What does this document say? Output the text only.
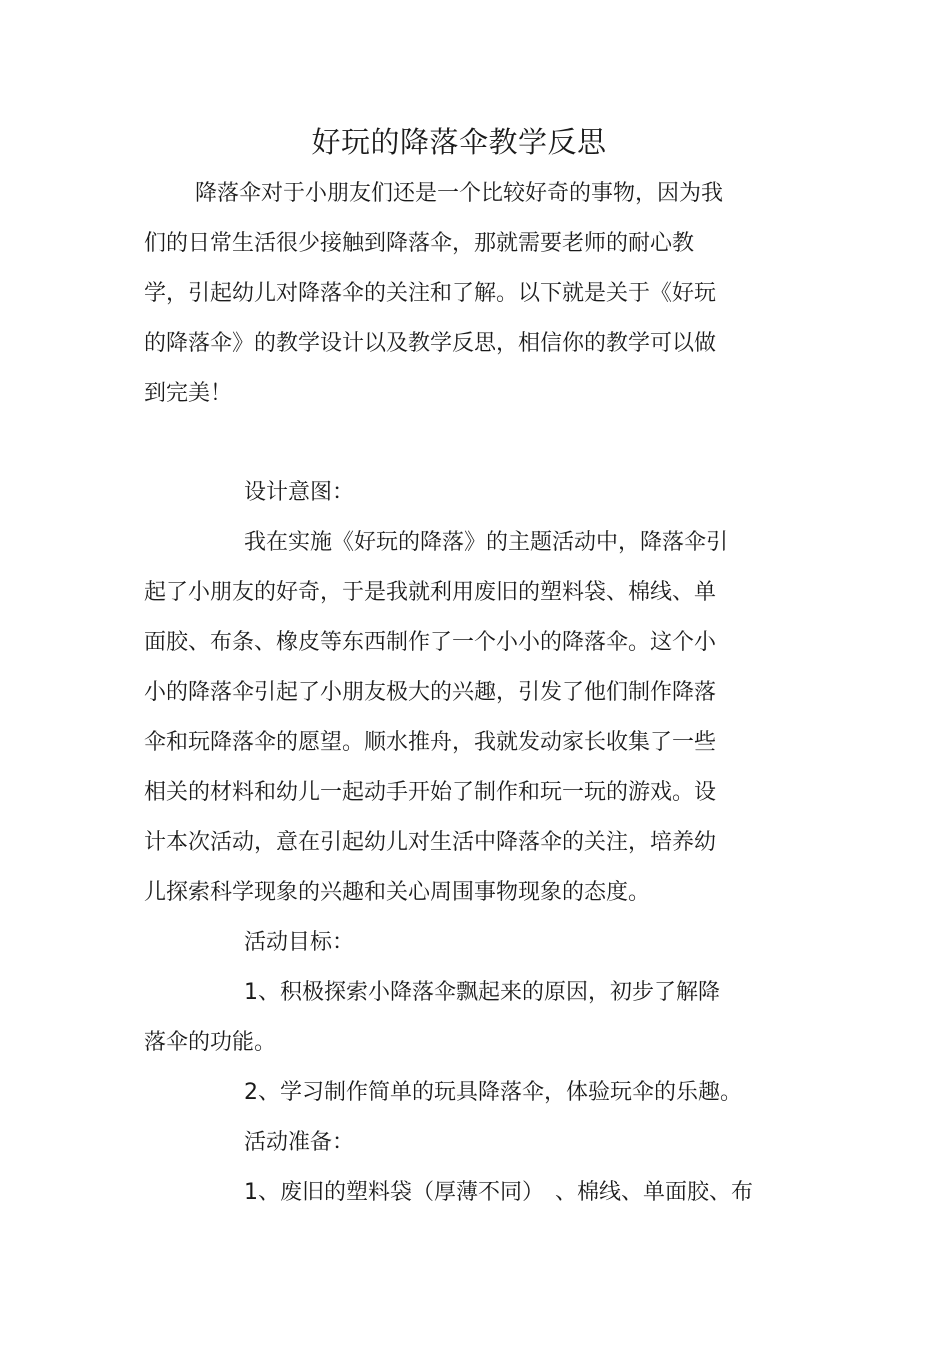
好玩的降落伞教学反思
降落伞对于小朋友们还是一个比较好奇的事物，因为我
们的日常生活很少接触到降落伞，那就需要老师的耐心教
学，引起幼儿对降落伞的关注和了解。以下就是关于《好玩
的降落伞》的教学设计以及教学反思，相信你的教学可以做
到完美！
设计意图：
我在实施《好玩的降落》的主题活动中，降落伞引
起了小朋友的好奇，于是我就利用废旧的塑料袋、棉线、单
面胶、布条、橡皮等东西制作了一个小小的降落伞。这个小
小的降落伞引起了小朋友极大的兴趣，引发了他们制作降落
伞和玩降落伞的愿望。顺水推舟，我就发动家长收集了一些
相关的材料和幼儿一起动手开始了制作和玩一玩的游戏。设
计本次活动，意在引起幼儿对生活中降落伞的关注，培养幼
儿探索科学现象的兴趣和关心周围事物现象的态度。
活动目标：
1、积极探索小降落伞飘起来的原因，初步了解降
落伞的功能。
2、学习制作简单的玩具降落伞，体验玩伞的乐趣。
活动准备：
1、废旧的塑料袋（厚薄不同）　、棉线、单面胶、布
